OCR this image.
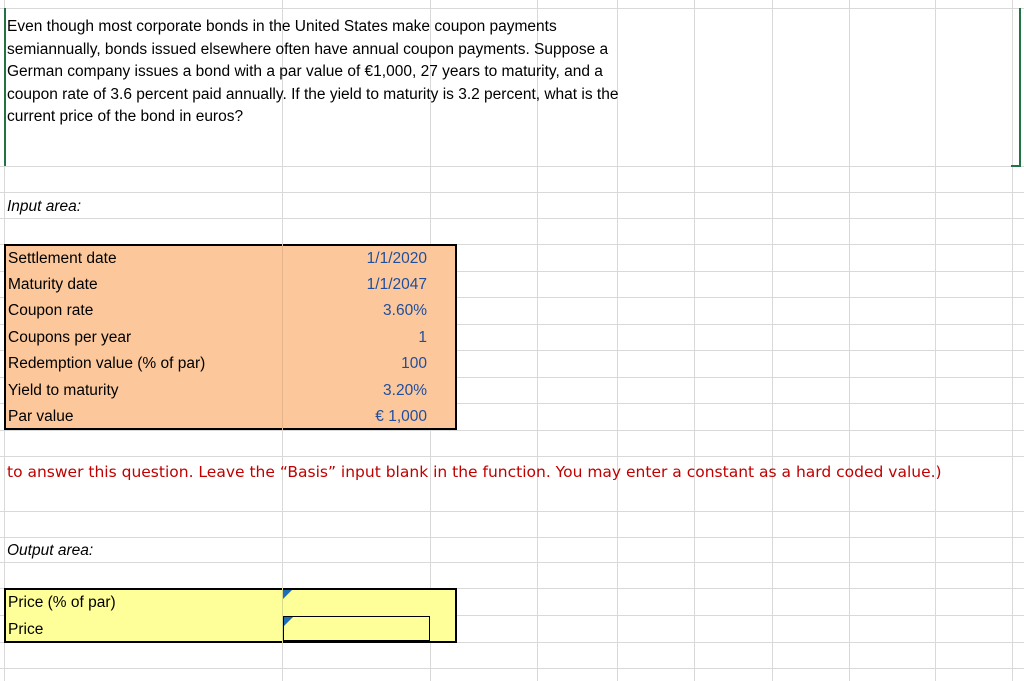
Even though most corporate bonds in the United States make coupon payments semiannually, bonds issued elsewhere often have annual coupon payments. Suppose a German company issues a bond with a par value of €1,000, 27 years to maturity, and a coupon rate of 3.6 percent paid annually. If the yield to maturity is 3.2 percent, what is the current price of the bond in euros?
Input area:
Settlement date	1/1/2020
Maturity date	1/1/2047
Coupon rate	3.60%
Coupons per year	1
Redemption value (% of par)	100
Yield to maturity	3.20%
Par value	€ 1,000
to answer this question. Leave the “Basis” input blank in the function. You may enter a constant as a hard coded value.)
Output area:
Price (% of par)
Price
